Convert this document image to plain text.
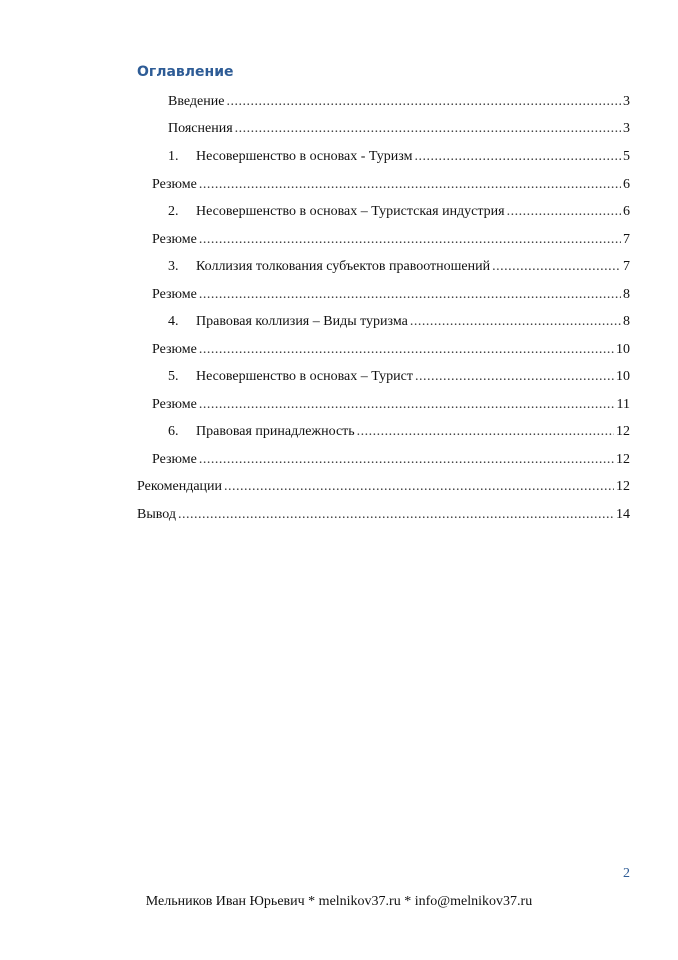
Оглавление
Введение .....	3
Пояснения .....	3
1. Несовершенство в основах - Туризм .....	5
Резюме .....	6
2. Несовершенство в основах – Туристская индустрия .....	6
Резюме .....	7
3. Коллизия толкования субъектов правоотношений .....	7
Резюме .....	8
4. Правовая коллизия – Виды туризма .....	8
Резюме .....	10
5. Несовершенство в основах – Турист .....	10
Резюме .....	11
6. Правовая принадлежность .....	12
Резюме .....	12
Рекомендации .....	12
Вывод .....	14
2
Мельников Иван Юрьевич * melnikov37.ru * info@melnikov37.ru
